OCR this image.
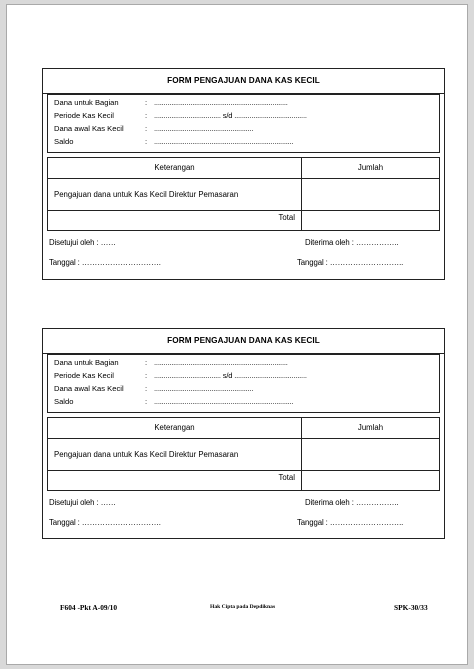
FORM PENGAJUAN DANA KAS KECIL
Dana untuk Bagian	: ......................................................................
Periode Kas Kecil	: ................................... s/d ......................................
Dana awal Kas Kecil	: ....................................................
Saldo	: .........................................................................
Keterangan	Jumlah
Pengajuan dana untuk Kas Kecil Direktur Pemasaran
Total
Disetujui oleh : ……	Diterima oleh : ……………..
Tanggal : ………………………….	Tanggal : ………………………..
FORM PENGAJUAN DANA KAS KECIL
Dana untuk Bagian	: ......................................................................
Periode Kas Kecil	: ................................... s/d ......................................
Dana awal Kas Kecil	: ....................................................
Saldo	: .........................................................................
Keterangan	Jumlah
Pengajuan dana untuk Kas Kecil Direktur Pemasaran
Total
Disetujui oleh : ……	Diterima oleh : ……………..
Tanggal : ………………………….	Tanggal : ………………………..
F604 -Pkt A-09/10	Hak Cipta pada Depdiknas	SPK-30/33
